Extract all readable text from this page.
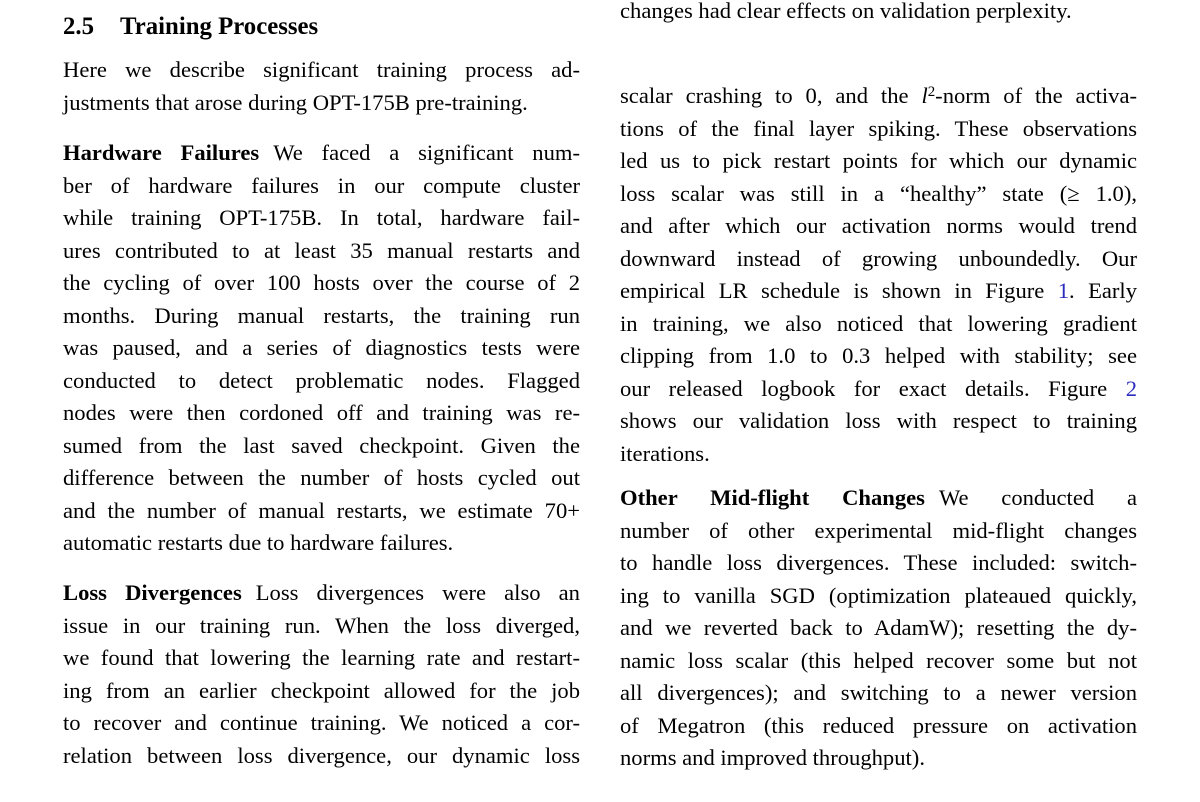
2.5 Training Processes
Here we describe significant training process ad-
justments that arose during OPT-175B pre-training.
Hardware Failures We faced a significant num-
ber of hardware failures in our compute cluster
while training OPT-175B. In total, hardware fail-
ures contributed to at least 35 manual restarts and
the cycling of over 100 hosts over the course of 2
months. During manual restarts, the training run
was paused, and a series of diagnostics tests were
conducted to detect problematic nodes. Flagged
nodes were then cordoned off and training was re-
sumed from the last saved checkpoint. Given the
difference between the number of hosts cycled out
and the number of manual restarts, we estimate 70+
automatic restarts due to hardware failures.
Loss Divergences Loss divergences were also an
issue in our training run. When the loss diverged,
we found that lowering the learning rate and restart-
ing from an earlier checkpoint allowed for the job
to recover and continue training. We noticed a cor-
relation between loss divergence, our dynamic loss
changes had clear effects on validation perplexity.
scalar crashing to 0, and the $l^2$-norm of the activa-
tions of the final layer spiking. These observations
led us to pick restart points for which our dynamic
loss scalar was still in a “healthy” state (≥ 1.0),
and after which our activation norms would trend
downward instead of growing unboundedly. Our
empirical LR schedule is shown in Figure 1. Early
in training, we also noticed that lowering gradient
clipping from 1.0 to 0.3 helped with stability; see
our released logbook for exact details. Figure 2
shows our validation loss with respect to training
iterations.
Other Mid-flight Changes We conducted a
number of other experimental mid-flight changes
to handle loss divergences. These included: switch-
ing to vanilla SGD (optimization plateaued quickly,
and we reverted back to AdamW); resetting the dy-
namic loss scalar (this helped recover some but not
all divergences); and switching to a newer version
of Megatron (this reduced pressure on activation
norms and improved throughput).
